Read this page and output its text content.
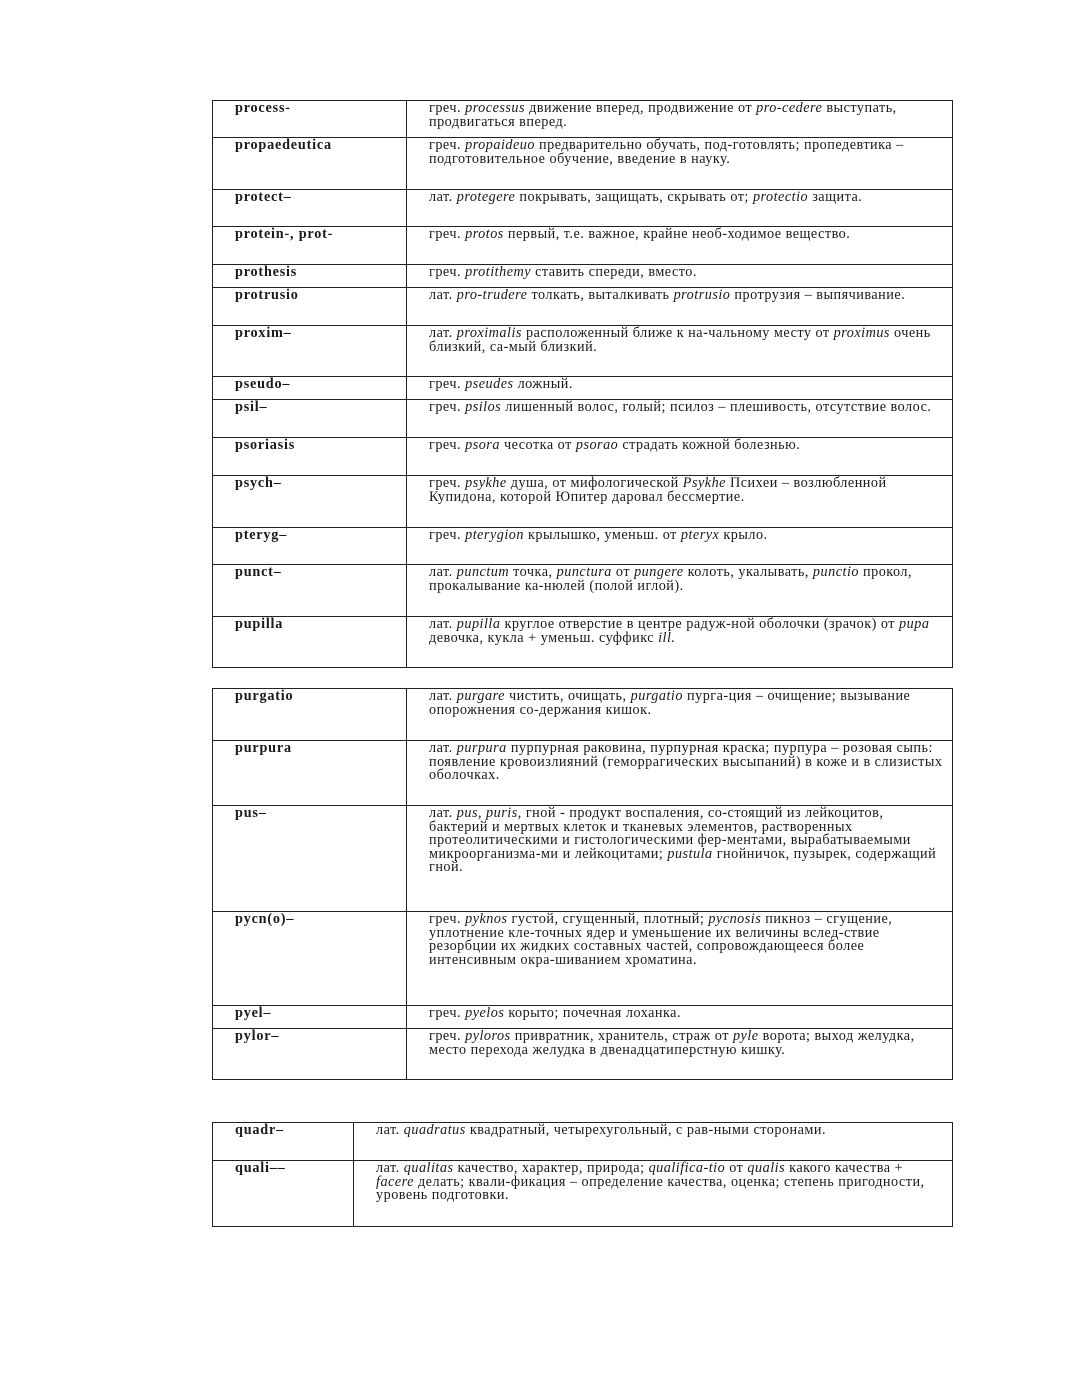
process-	греч. processus движение вперед, продвижение от pro-cedere выступать, продвигаться вперед.
propaedeutica	греч. propaideuo предварительно обучать, под-готовлять; пропедевтика – подготовительное обучение, введение в науку.
protect–	лат. protegere покрывать, защищать, скрывать от; protectio защита.
protein-, prot-	греч. protos первый, т.е. важное, крайне необ-ходимое вещество.
prothesis	греч. protithemy ставить спереди, вместо.
protrusio	лат. pro-trudere толкать, выталкивать protrusio протрузия – выпячивание.
proxim–	лат. proximalis расположенный ближе к на-чальному месту от proximus очень близкий, са-мый близкий.
pseudo–	греч. pseudes ложный.
psil–	греч. psilos лишенный волос, голый; псилоз – плешивость, отсутствие волос.
psoriasis	греч. psora чесотка от psorao страдать кожной болезнью.
psych–	греч. psykhe душа, от мифологической Psykhe Психеи – возлюбленной Купидона, которой Юпитер даровал бессмертие.
pteryg–	греч. pterygion крылышко, уменьш. от pteryx крыло.
punct–	лат. punctum точка, punctura от pungere колоть, укалывать, punctio прокол, прокалывание ка-нюлей (полой иглой).
pupilla	лат. pupilla круглое отверстие в центре радуж-ной оболочки (зрачок) от pupa девочка, кукла + уменьш. суффикс ill.
purgatio	лат. purgare чистить, очищать, purgatio пурга-ция – очищение; вызывание опорожнения со-держания кишок.
purpura	лат. purpura пурпурная раковина, пурпурная краска; пурпура – розовая сыпь: появление кровоизлияний (геморрагических высыпаний) в коже и в слизистых оболочках.
pus–	лат. pus, puris, гной - продукт воспаления, со-стоящий из лейкоцитов, бактерий и мертвых клеток и тканевых элементов, растворенных протеолитическими и гистологическими фер-ментами, вырабатываемыми микроорганизма-ми и лейкоцитами; pustula гнойничок, пузырек, содержащий гной.
pycn(o)–	греч. pyknos густой, сгущенный, плотный; pycnosis пикноз – сгущение, уплотнение кле-точных ядер и уменьшение их величины вслед-ствие резорбции их жидких составных частей, сопровождающееся более интенсивным окра-шиванием хроматина.
pyel–	греч. pyelos корыто; почечная лоханка.
pylor–	греч. pyloros привратник, хранитель, страж от pyle ворота; выход желудка, место перехода желудка в двенадцатиперстную кишку.
quadr–	лат. quadratus квадратный, четырехугольный, с рав-ными сторонами.
quali––	лат. qualitas качество, характер, природа; qualifica-tio от qualis какого качества + facere делать; квали-фикация – определение качества, оценка; степень пригодности, уровень подготовки.
